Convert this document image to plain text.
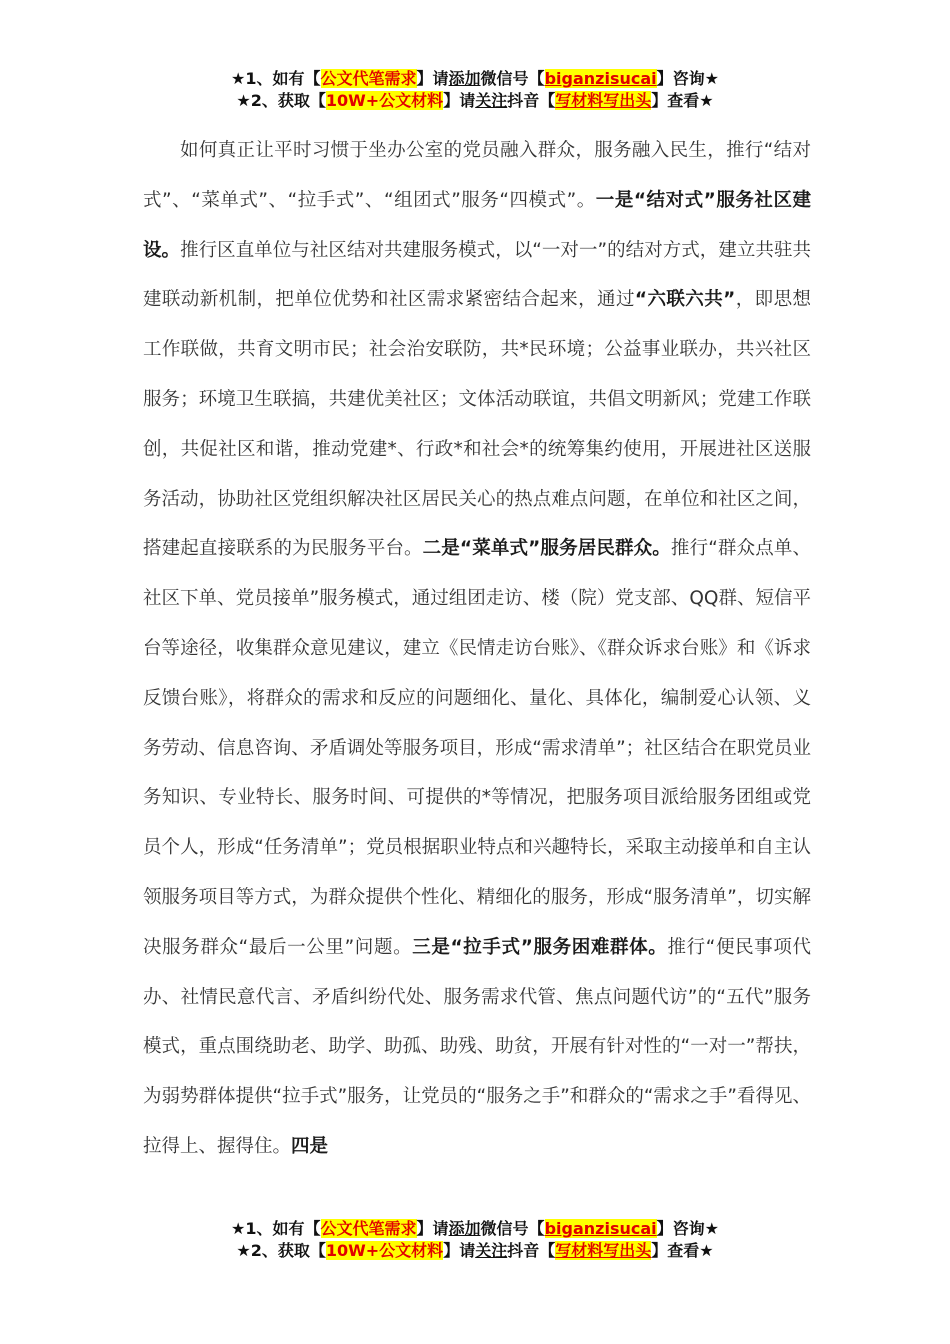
★1、如有【公文代笔需求】请添加微信号【biganzisucai】咨询★
★2、获取【10W+公文材料】请关注抖音【写材料写出头】查看★

如何真正让平时习惯于坐办公室的党员融入群众，服务融入民生，推行“结对式”、“菜单式”、“拉手式”、“组团式”服务“四模式”。一是“结对式”服务社区建设。推行区直单位与社区结对共建服务模式，以“一对一”的结对方式，建立共驻共建联动新机制，把单位优势和社区需求紧密结合起来，通过“六联六共”，即思想工作联做，共育文明市民；社会治安联防，共*民环境；公益事业联办，共兴社区服务；环境卫生联搞，共建优美社区；文体活动联谊，共倡文明新风；党建工作联创，共促社区和谐，推动党建*、行政*和社会*的统筹集约使用，开展进社区送服务活动，协助社区党组织解决社区居民关心的热点难点问题，在单位和社区之间，搭建起直接联系的为民服务平台。二是“菜单式”服务居民群众。推行“群众点单、社区下单、党员接单”服务模式，通过组团走访、楼（院）党支部、QQ群、短信平台等途径，收集群众意见建议，建立《民情走访台账》、《群众诉求台账》和《诉求反馈台账》，将群众的需求和反应的问题细化、量化、具体化，编制爱心认领、义务劳动、信息咨询、矛盾调处等服务项目，形成“需求清单”；社区结合在职党员业务知识、专业特长、服务时间、可提供的*等情况，把服务项目派给服务团组或党员个人，形成“任务清单”；党员根据职业特点和兴趣特长，采取主动接单和自主认领服务项目等方式，为群众提供个性化、精细化的服务，形成“服务清单”，切实解决服务群众“最后一公里”问题。三是“拉手式”服务困难群体。推行“便民事项代办、社情民意代言、矛盾纠纷代处、服务需求代管、焦点问题代访”的“五代”服务模式，重点围绕助老、助学、助孤、助残、助贫，开展有针对性的“一对一”帮扶，为弱势群体提供“拉手式”服务，让党员的“服务之手”和群众的“需求之手”看得见、拉得上、握得住。四是

★1、如有【公文代笔需求】请添加微信号【biganzisucai】咨询★
★2、获取【10W+公文材料】请关注抖音【写材料写出头】查看★
